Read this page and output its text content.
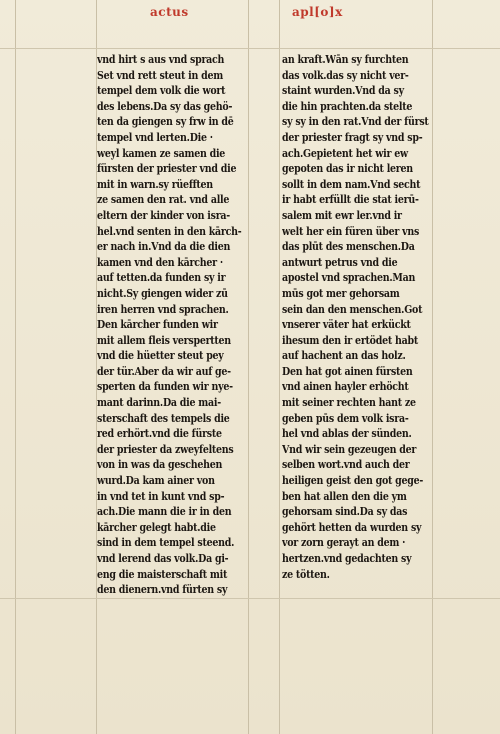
actus	apl[o]x
vnd hirt s aus vnd sprach
Set vnd rett steut in dem
tempel dem volk die wort
des lebens.Da sy das gehö-
ten da giengen sy frw in dē
tempel vnd lerten.Die ·
weyl kamen ze samen die
fürsten der priester vnd die
mit in warn.sy rüefften
ze samen den rat. vnd alle
eltern der kinder von isra-
hel.vnd senten in den kārch-
er nach in.Vnd da die dien
kamen vnd den kārcher ·
auf tetten.da funden sy ir
nicht.Sy giengen wider zū
iren herren vnd sprachen.
Den kārcher funden wir
mit allem fleis verspertten
vnd die hüetter steut pey
der tür.Aber da wir auf ge-
sperten da funden wir nye-
mant darinn.Da die mai-
sterschaft des tempels die
red erhört.vnd die fürste
der priester da zweyfeltens
von in was da geschehen
wurd.Da kam ainer von
in vnd tet in kunt vnd sp-
ach.Die mann die ir in den
kārcher gelegt habt.die
sind in dem tempel steend.
vnd lerend das volk.Da gi-
eng die maisterschaft mit
den dienern.vnd fürten sy
an kraft.Wān sy furchten
das volk.das sy nicht ver-
staint wurden.Vnd da sy
die hin prachten.da stelte
sy sy in den rat.Vnd der fürst
der priester fragt sy vnd sp-
ach.Gepietent het wir ew
gepoten das ir nicht leren
sollt in dem nam.Vnd secht
ir habt erfüllt die stat ierū-
salem mit ewr ler.vnd ir
welt her ein füren über vns
das plūt des menschen.Da
antwurt petrus vnd die
apostel vnd sprachen.Man
mūs got mer gehorsam
sein dan den menschen.Got
vnserer väter hat erkückt
ihesum den ir ertödet habt
auf hachent an das holz.
Den hat got ainen fürsten
vnd ainen hayler erhöcht
mit seiner rechten hant ze
geben pūs dem volk isra-
hel vnd ablas der sünden.
Vnd wir sein gezeugen der
selben wort.vnd auch der
heiligen geist den got gege-
ben hat allen den die ym
gehorsam sind.Da sy das
gehört hetten da wurden sy
vor zorn gerayt an dem ·
hertzen.vnd gedachten sy
ze tötten.
